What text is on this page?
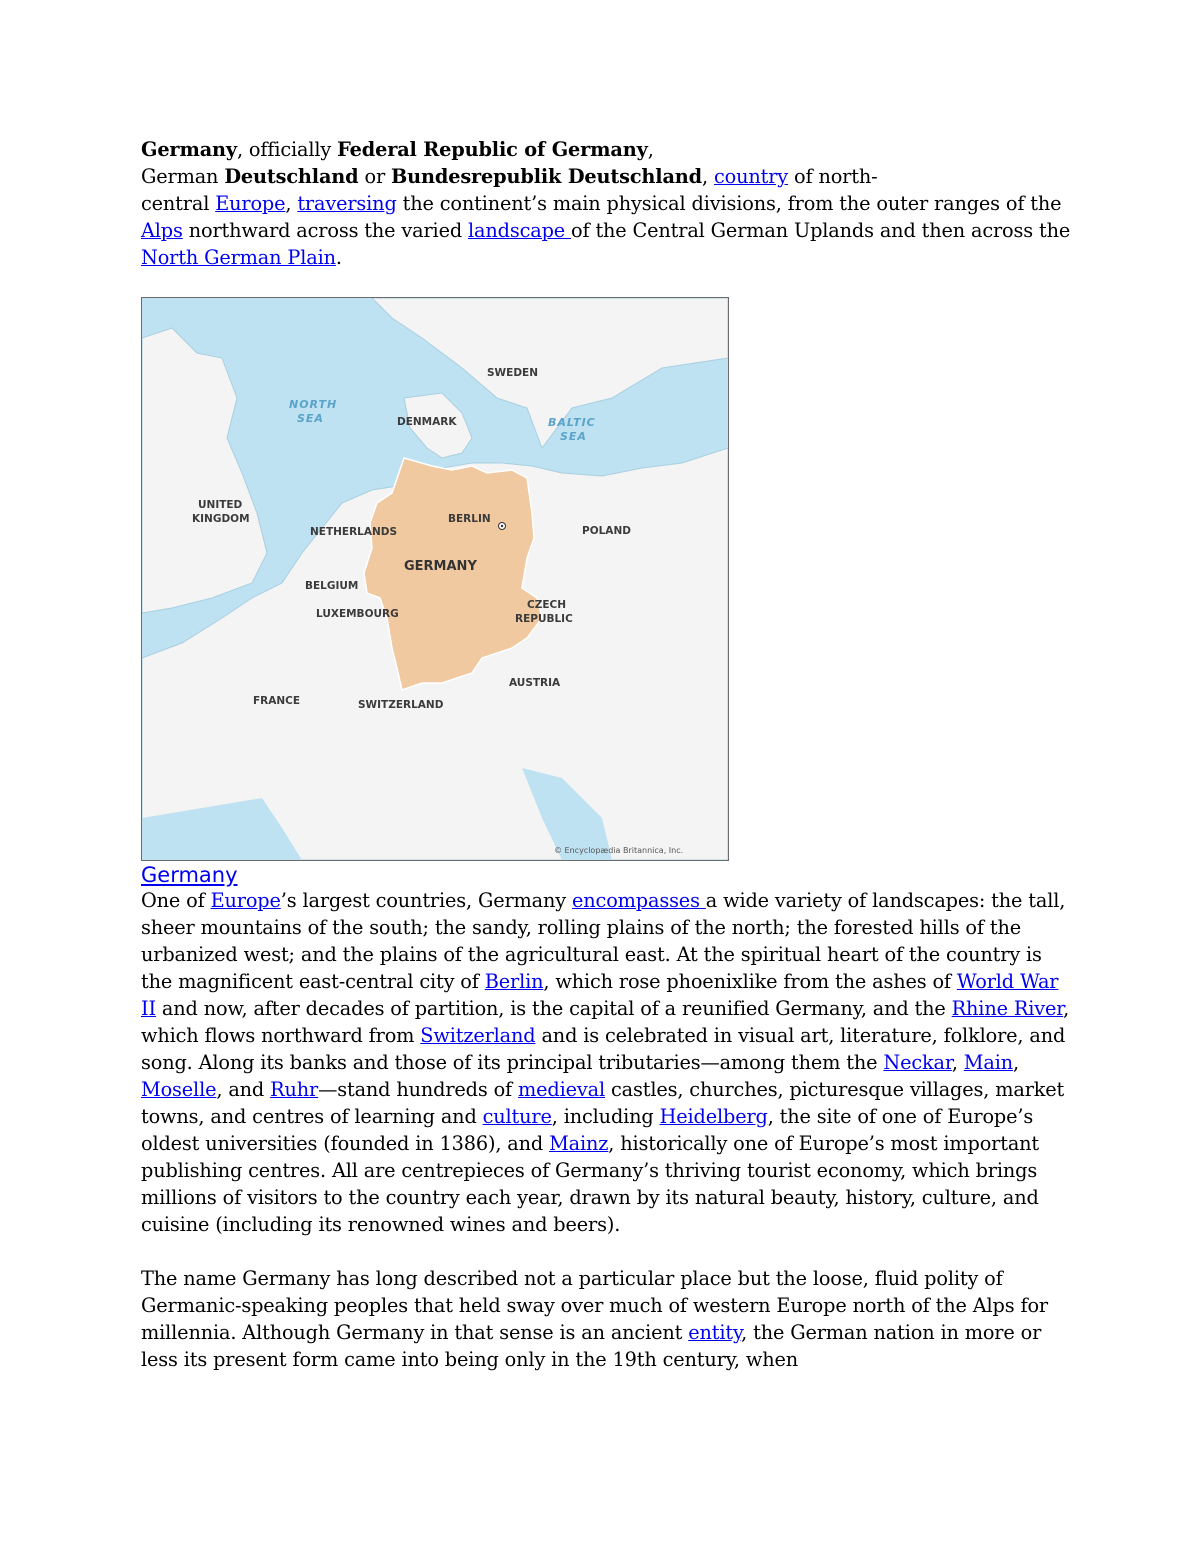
Germany, officially Federal Republic of Germany,
German Deutschland or Bundesrepublik Deutschland, country of north-
central Europe, traversing the continent’s main physical divisions, from the outer ranges of the Alps northward across the varied landscape of the Central German Uplands and then across the North German Plain.

SWEDEN
NORTH
SEA	DENMARK	BALTIC
SEA
UNITED
KINGDOM
NETHERLANDS
BERLIN
POLAND
GERMANY
BELGIUM
LUXEMBOURG
CZECH
REPUBLIC
AUSTRIA
FRANCE	SWITZERLAND
© Encyclopædia Britannica, Inc.
Germany

One of Europe’s largest countries, Germany encompasses a wide variety of landscapes: the tall, sheer mountains of the south; the sandy, rolling plains of the north; the forested hills of the urbanized west; and the plains of the agricultural east. At the spiritual heart of the country is the magnificent east-central city of Berlin, which rose phoenixlike from the ashes of World War II and now, after decades of partition, is the capital of a reunified Germany, and the Rhine River, which flows northward from Switzerland and is celebrated in visual art, literature, folklore, and song. Along its banks and those of its principal tributaries—among them the Neckar, Main, Moselle, and Ruhr—stand hundreds of medieval castles, churches, picturesque villages, market towns, and centres of learning and culture, including Heidelberg, the site of one of Europe’s oldest universities (founded in 1386), and Mainz, historically one of Europe’s most important publishing centres. All are centrepieces of Germany’s thriving tourist economy, which brings millions of visitors to the country each year, drawn by its natural beauty, history, culture, and cuisine (including its renowned wines and beers).

The name Germany has long described not a particular place but the loose, fluid polity of Germanic-speaking peoples that held sway over much of western Europe north of the Alps for millennia. Although Germany in that sense is an ancient entity, the German nation in more or less its present form came into being only in the 19th century, when
